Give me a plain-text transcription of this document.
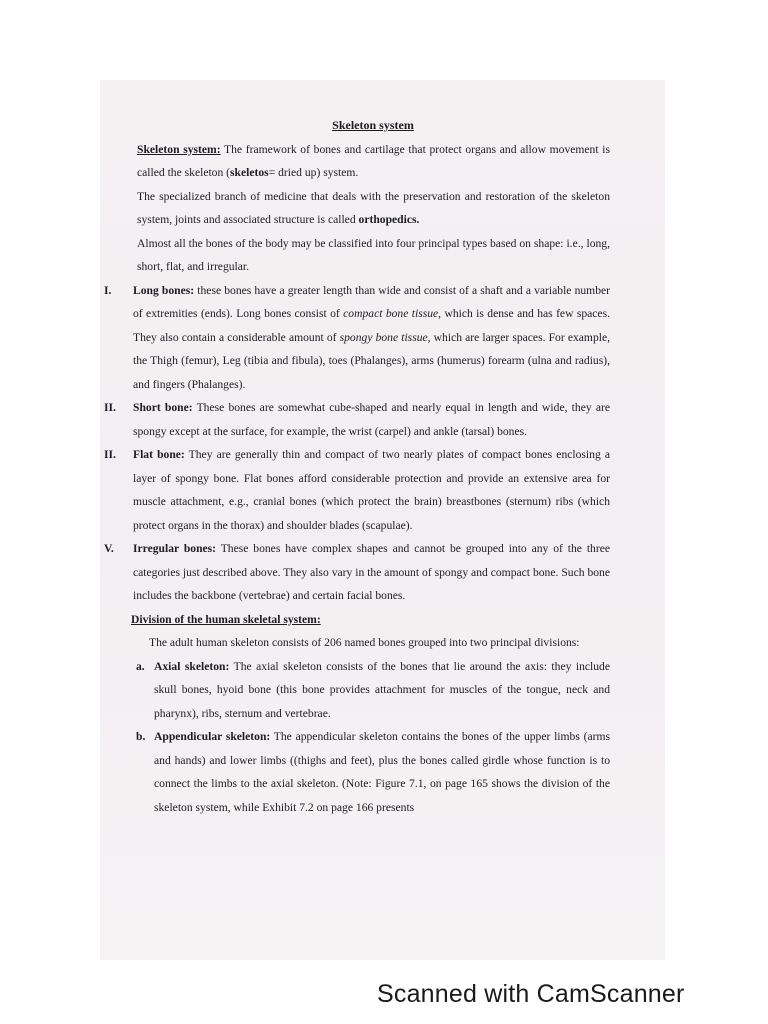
Skeleton system

Skeleton system: The framework of bones and cartilage that protect organs and allow movement is called the skeleton (skeletos= dried up) system.

The specialized branch of medicine that deals with the preservation and restoration of the skeleton system, joints and associated structure is called orthopedics.

Almost all the bones of the body may be classified into four principal types based on shape: i.e., long, short, flat, and irregular.

I. Long bones: these bones have a greater length than wide and consist of a shaft and a variable number of extremities (ends). Long bones consist of compact bone tissue, which is dense and has few spaces. They also contain a considerable amount of spongy bone tissue, which are larger spaces. For example, the Thigh (femur), Leg (tibia and fibula), toes (Phalanges), arms (humerus) forearm (ulna and radius), and fingers (Phalanges).
II. Short bone: These bones are somewhat cube-shaped and nearly equal in length and wide, they are spongy except at the surface, for example, the wrist (carpel) and ankle (tarsal) bones.
II. Flat bone: They are generally thin and compact of two nearly plates of compact bones enclosing a layer of spongy bone. Flat bones afford considerable protection and provide an extensive area for muscle attachment, e.g., cranial bones (which protect the brain) breastbones (sternum) ribs (which protect organs in the thorax) and shoulder blades (scapulae).
V. Irregular bones: These bones have complex shapes and cannot be grouped into any of the three categories just described above. They also vary in the amount of spongy and compact bone. Such bone includes the backbone (vertebrae) and certain facial bones.
Division of the human skeletal system:

The adult human skeleton consists of 206 named bones grouped into two principal divisions:

a. Axial skeleton: The axial skeleton consists of the bones that lie around the axis: they include skull bones, hyoid bone (this bone provides attachment for muscles of the tongue, neck and pharynx), ribs, sternum and vertebrae.
b. Appendicular skeleton: The appendicular skeleton contains the bones of the upper limbs (arms and hands) and lower limbs ((thighs and feet), plus the bones called girdle whose function is to connect the limbs to the axial skeleton. (Note: Figure 7.1, on page 165 shows the division of the skeleton system, while Exhibit 7.2 on page 166 presents
Scanned with CamScanner
